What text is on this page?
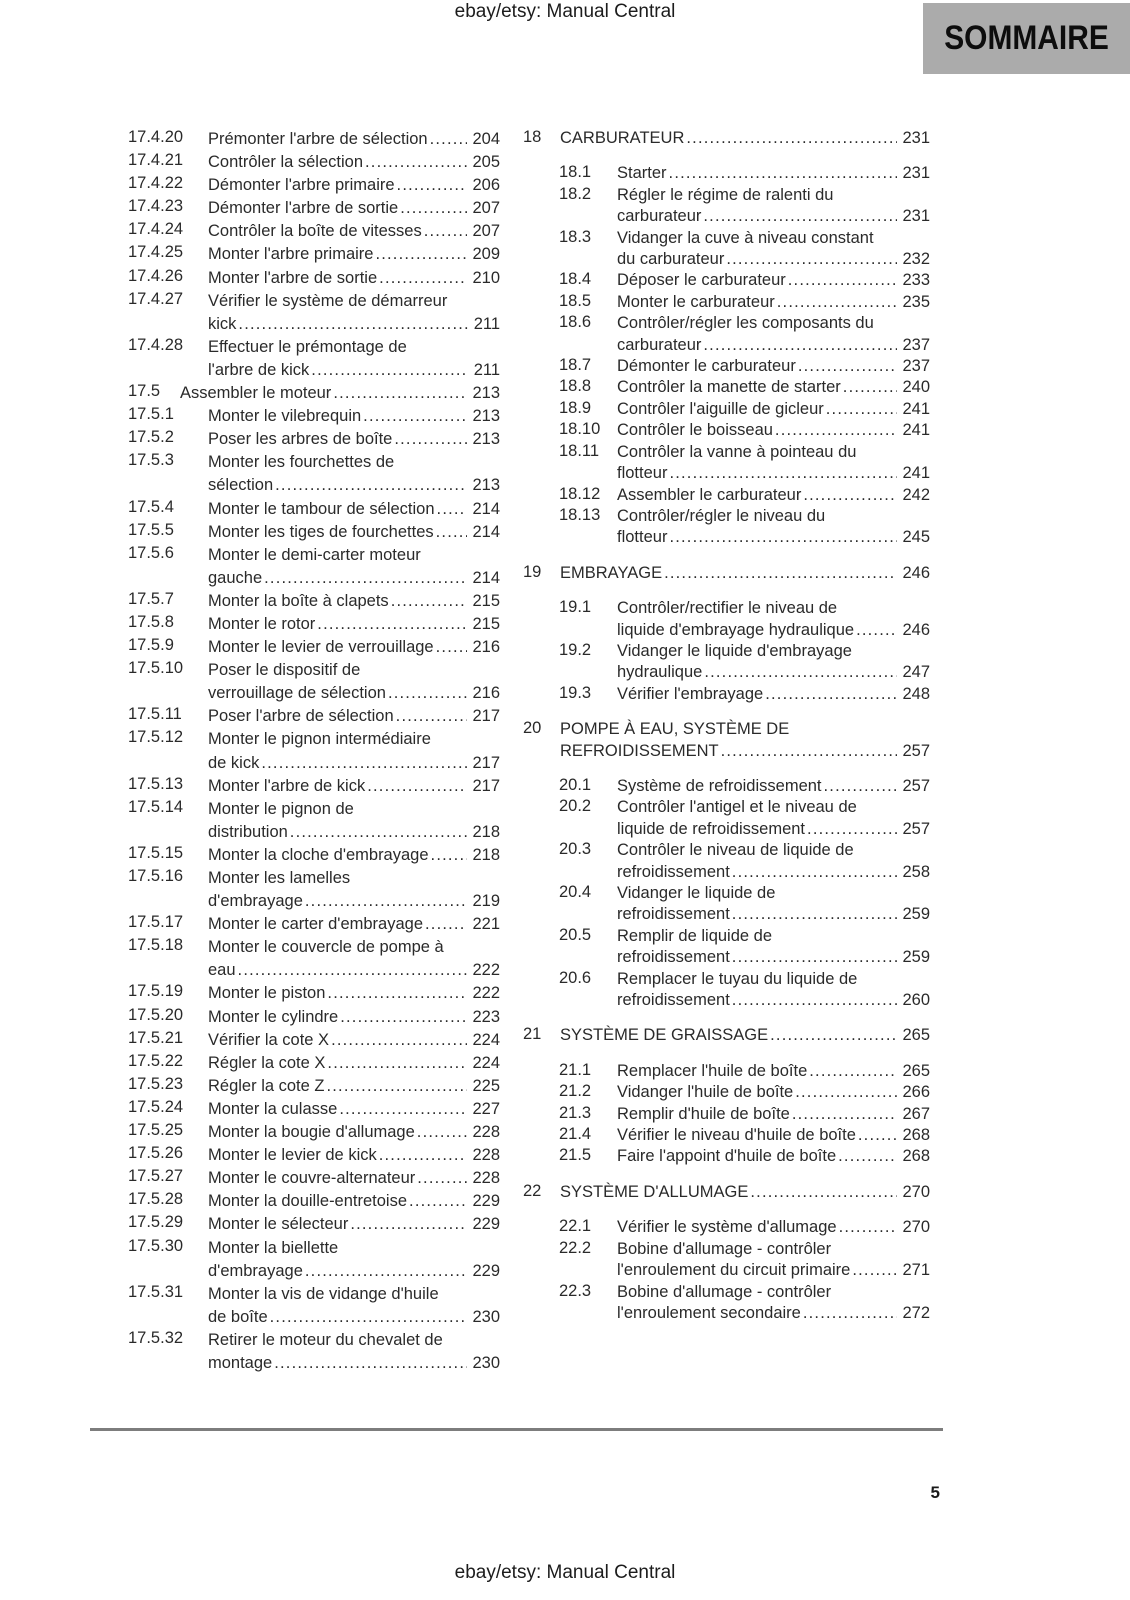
ebay/etsy: Manual Central
SOMMAIRE
17.4.20	Prémonter l'arbre de sélection .....	204
17.4.21	Contrôler la sélection .....	205
17.4.22	Démonter l'arbre primaire .....	206
17.4.23	Démonter l'arbre de sortie .....	207
17.4.24	Contrôler la boîte de vitesses .....	207
17.4.25	Monter l'arbre primaire .....	209
17.4.26	Monter l'arbre de sortie .....	210
17.4.27	Vérifier le système de démarreur
kick .....	211
17.4.28	Effectuer le prémontage de
l'arbre de kick .....	211
17.5	Assembler le moteur .....	213
17.5.1	Monter le vilebrequin .....	213
17.5.2	Poser les arbres de boîte .....	213
17.5.3	Monter les fourchettes de
sélection .....	213
17.5.4	Monter le tambour de sélection .....	214
17.5.5	Monter les tiges de fourchettes .....	214
17.5.6	Monter le demi-carter moteur
gauche .....	214
17.5.7	Monter la boîte à clapets .....	215
17.5.8	Monter le rotor .....	215
17.5.9	Monter le levier de verrouillage .....	216
17.5.10	Poser le dispositif de
verrouillage de sélection .....	216
17.5.11	Poser l'arbre de sélection .....	217
17.5.12	Monter le pignon intermédiaire
de kick .....	217
17.5.13	Monter l'arbre de kick .....	217
17.5.14	Monter le pignon de
distribution .....	218
17.5.15	Monter la cloche d'embrayage .....	218
17.5.16	Monter les lamelles
d'embrayage .....	219
17.5.17	Monter le carter d'embrayage .....	221
17.5.18	Monter le couvercle de pompe à
eau .....	222
17.5.19	Monter le piston .....	222
17.5.20	Monter le cylindre .....	223
17.5.21	Vérifier la cote X .....	224
17.5.22	Régler la cote X .....	224
17.5.23	Régler la cote Z .....	225
17.5.24	Monter la culasse .....	227
17.5.25	Monter la bougie d'allumage .....	228
17.5.26	Monter le levier de kick .....	228
17.5.27	Monter le couvre-alternateur .....	228
17.5.28	Monter la douille-entretoise .....	229
17.5.29	Monter le sélecteur .....	229
17.5.30	Monter la biellette
d'embrayage .....	229
17.5.31	Monter la vis de vidange d'huile
de boîte .....	230
17.5.32	Retirer le moteur du chevalet de
montage .....	230
18	CARBURATEUR .....	231
18.1	Starter .....	231
18.2	Régler le régime de ralenti du
carburateur .....	231
18.3	Vidanger la cuve à niveau constant
du carburateur .....	232
18.4	Déposer le carburateur .....	233
18.5	Monter le carburateur .....	235
18.6	Contrôler/régler les composants du
carburateur .....	237
18.7	Démonter le carburateur .....	237
18.8	Contrôler la manette de starter .....	240
18.9	Contrôler l'aiguille de gicleur .....	241
18.10	Contrôler le boisseau .....	241
18.11	Contrôler la vanne à pointeau du
flotteur .....	241
18.12	Assembler le carburateur .....	242
18.13	Contrôler/régler le niveau du
flotteur .....	245
19	EMBRAYAGE .....	246
19.1	Contrôler/rectifier le niveau de
liquide d'embrayage hydraulique .....	246
19.2	Vidanger le liquide d'embrayage
hydraulique .....	247
19.3	Vérifier l'embrayage .....	248
20	POMPE À EAU, SYSTÈME DE
REFROIDISSEMENT .....	257
20.1	Système de refroidissement .....	257
20.2	Contrôler l'antigel et le niveau de
liquide de refroidissement .....	257
20.3	Contrôler le niveau de liquide de
refroidissement .....	258
20.4	Vidanger le liquide de
refroidissement .....	259
20.5	Remplir de liquide de
refroidissement .....	259
20.6	Remplacer le tuyau du liquide de
refroidissement .....	260
21	SYSTÈME DE GRAISSAGE .....	265
21.1	Remplacer l'huile de boîte .....	265
21.2	Vidanger l'huile de boîte .....	266
21.3	Remplir d'huile de boîte .....	267
21.4	Vérifier le niveau d'huile de boîte .....	268
21.5	Faire l'appoint d'huile de boîte .....	268
22	SYSTÈME D'ALLUMAGE .....	270
22.1	Vérifier le système d'allumage .....	270
22.2	Bobine d'allumage - contrôler
l'enroulement du circuit primaire .....	271
22.3	Bobine d'allumage - contrôler
l'enroulement secondaire .....	272
5
ebay/etsy: Manual Central
